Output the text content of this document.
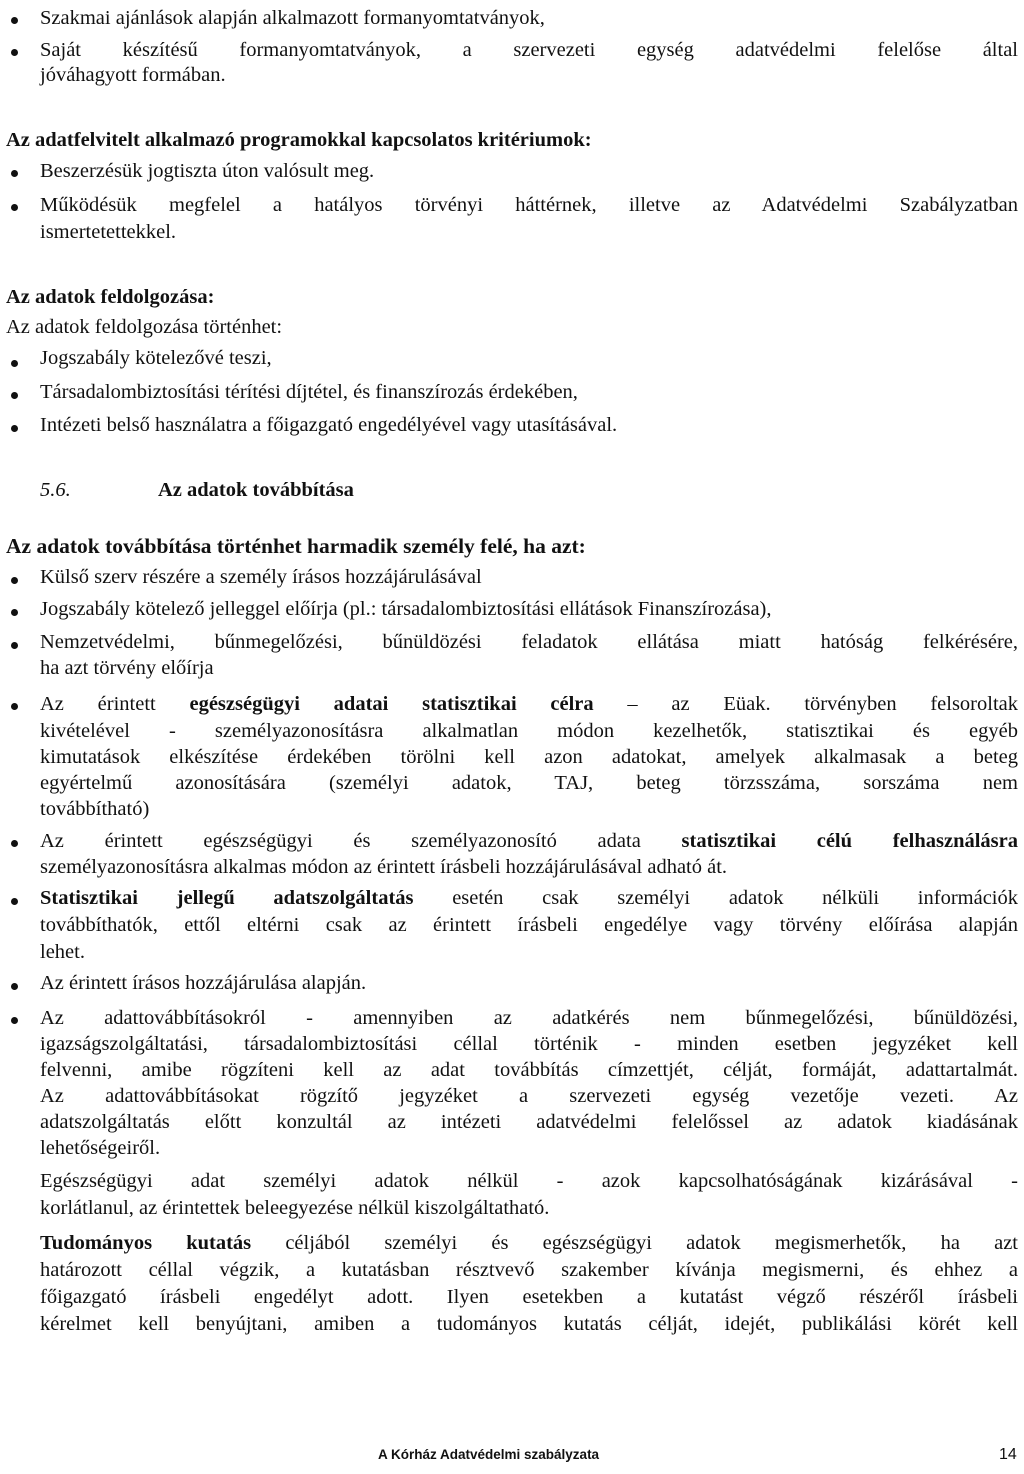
Szakmai ajánlások alapján alkalmazott formanyomtatványok,
Saját készítésű formanyomtatványok, a szervezeti egység adatvédelmi felelőse által
jóváhagyott formában.
Az adatfelvitelt alkalmazó programokkal kapcsolatos kritériumok:
Beszerzésük jogtiszta úton valósult meg.
Működésük megfelel a hatályos törvényi háttérnek, illetve az Adatvédelmi Szabályzatban
ismertetettekkel.
Az adatok feldolgozása:
Az adatok feldolgozása történhet:
Jogszabály kötelezővé teszi,
Társadalombiztosítási térítési díjtétel, és finanszírozás érdekében,
Intézeti belső használatra a főigazgató engedélyével vagy utasításával.
5.6.	Az adatok továbbítása
Az adatok továbbítása történhet harmadik személy felé, ha azt:
Külső szerv részére a személy írásos hozzájárulásával
Jogszabály kötelező jelleggel előírja (pl.: társadalombiztosítási ellátások Finanszírozása),
Nemzetvédelmi, bűnmegelőzési, bűnüldözési feladatok ellátása miatt hatóság felkérésére,
ha azt törvény előírja
Az érintett egészségügyi adatai statisztikai célra – az Eüak. törvényben felsoroltak
kivételével - személyazonosításra alkalmatlan módon kezelhetők, statisztikai és egyéb
kimutatások elkészítése érdekében törölni kell azon adatokat, amelyek alkalmasak a beteg
egyértelmű azonosítására (személyi adatok, TAJ, beteg törzsszáma, sorszáma nem
továbbítható)
Az érintett egészségügyi és személyazonosító adata statisztikai célú felhasználásra
személyazonosításra alkalmas módon az érintett írásbeli hozzájárulásával adható át.
Statisztikai jellegű adatszolgáltatás esetén csak személyi adatok nélküli információk
továbbíthatók, ettől eltérni csak az érintett írásbeli engedélye vagy törvény előírása alapján
lehet.
Az érintett írásos hozzájárulása alapján.
Az adattovábbításokról - amennyiben az adatkérés nem bűnmegelőzési, bűnüldözési,
igazságszolgáltatási, társadalombiztosítási céllal történik - minden esetben jegyzéket kell
felvenni, amibe rögzíteni kell az adat továbbítás címzettjét, célját, formáját, adattartalmát.
Az adattovábbításokat rögzítő jegyzéket a szervezeti egység vezetője vezeti. Az
adatszolgáltatás előtt konzultál az intézeti adatvédelmi felelőssel az adatok kiadásának
lehetőségeiről.
Egészségügyi adat személyi adatok nélkül - azok kapcsolhatóságának kizárásával -
korlátlanul, az érintettek beleegyezése nélkül kiszolgáltatható.
Tudományos kutatás céljából személyi és egészségügyi adatok megismerhetők, ha azt
határozott céllal végzik, a kutatásban résztvevő szakember kívánja megismerni, és ehhez a
főigazgató írásbeli engedélyt adott. Ilyen esetekben a kutatást végző részéről írásbeli
kérelmet kell benyújtani, amiben a tudományos kutatás célját, idejét, publikálási körét kell
A Kórház Adatvédelmi szabályzata	14
